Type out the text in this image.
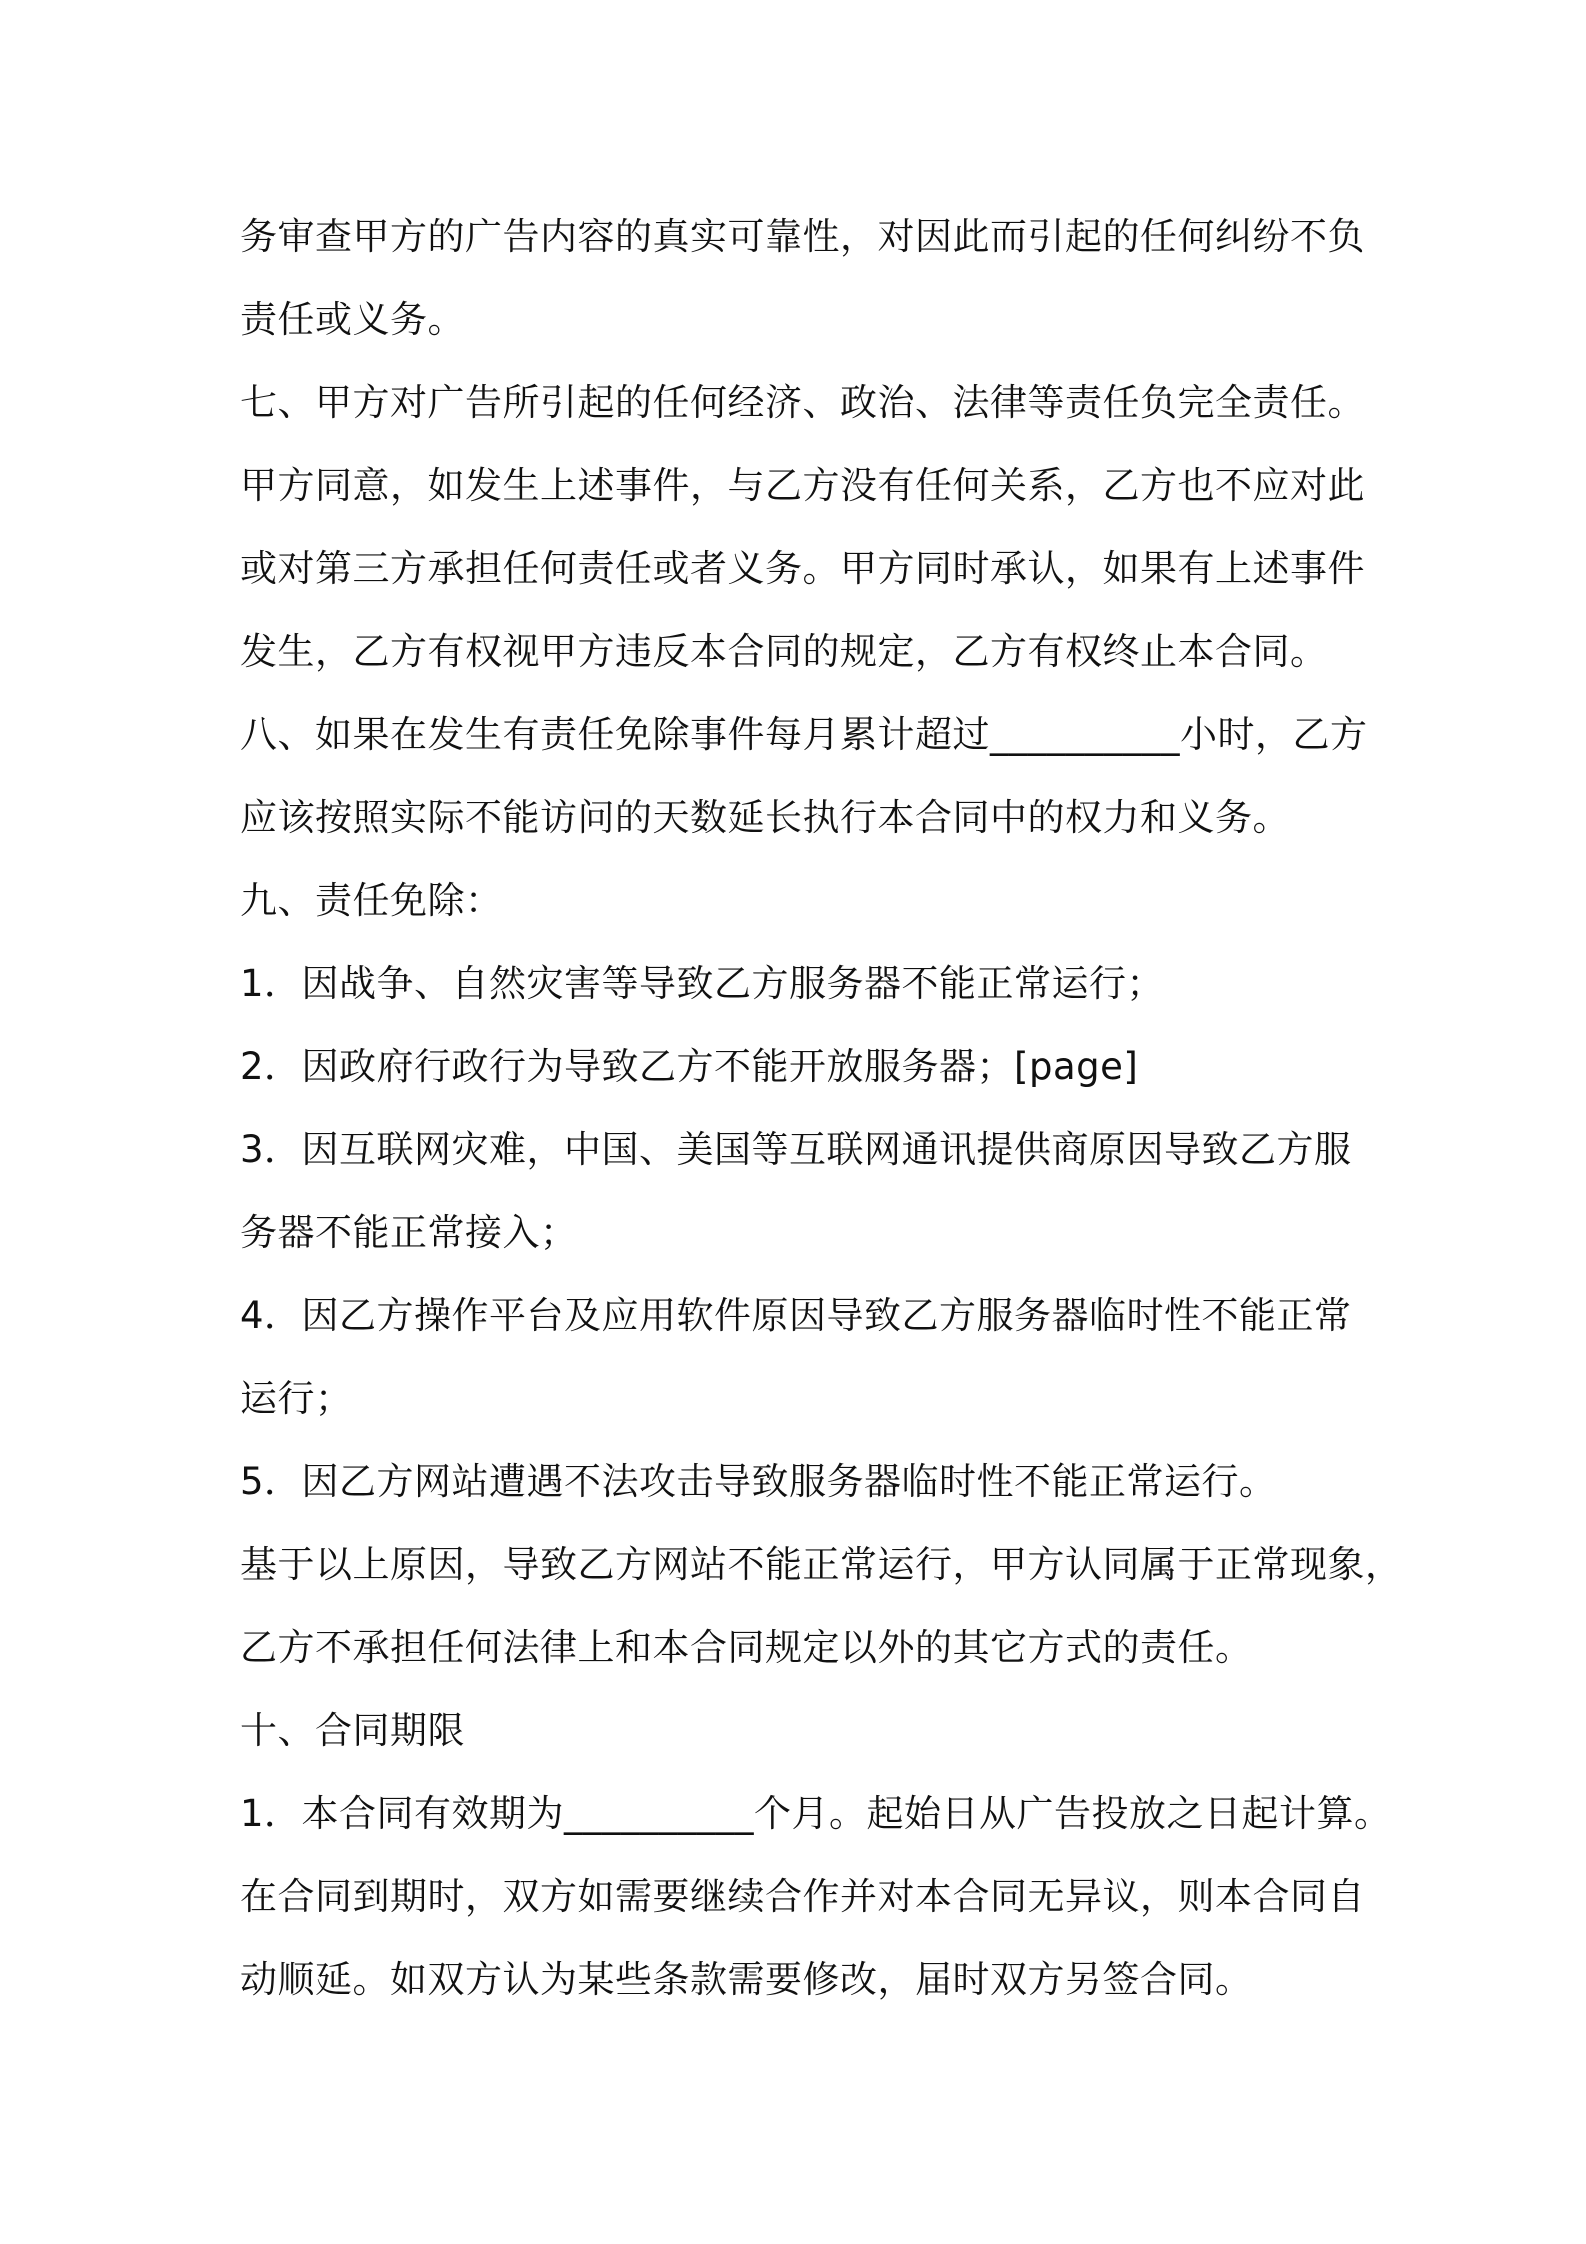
务审查甲方的广告内容的真实可靠性，对因此而引起的任何纠纷不负
责任或义务。
七、甲方对广告所引起的任何经济、政治、法律等责任负完全责任。
甲方同意，如发生上述事件，与乙方没有任何关系，乙方也不应对此
或对第三方承担任何责任或者义务。甲方同时承认，如果有上述事件
发生，乙方有权视甲方违反本合同的规定，乙方有权终止本合同。
八、如果在发生有责任免除事件每月累计超过__________小时，乙方
应该按照实际不能访问的天数延长执行本合同中的权力和义务。
九、责任免除：
1．因战争、自然灾害等导致乙方服务器不能正常运行；
2．因政府行政行为导致乙方不能开放服务器；[page]
3．因互联网灾难，中国、美国等互联网通讯提供商原因导致乙方服
务器不能正常接入；
4．因乙方操作平台及应用软件原因导致乙方服务器临时性不能正常
运行；
5．因乙方网站遭遇不法攻击导致服务器临时性不能正常运行。
基于以上原因，导致乙方网站不能正常运行，甲方认同属于正常现象，
乙方不承担任何法律上和本合同规定以外的其它方式的责任。
十、合同期限
1．本合同有效期为__________个月。起始日从广告投放之日起计算。
在合同到期时，双方如需要继续合作并对本合同无异议，则本合同自
动顺延。如双方认为某些条款需要修改，届时双方另签合同。
